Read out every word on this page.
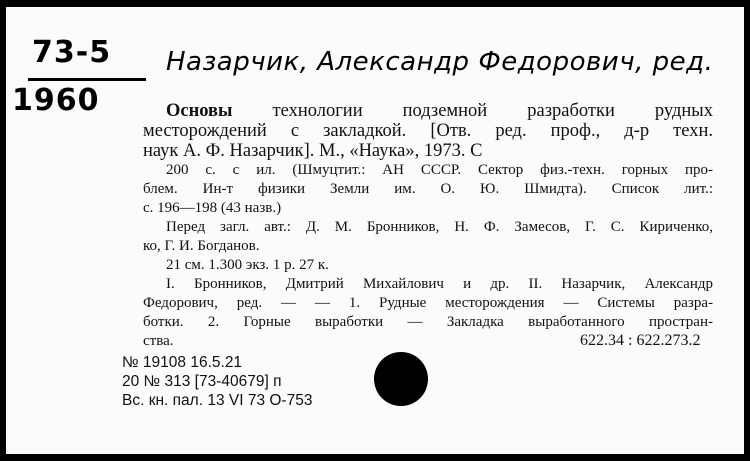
73-5
1960
Назарчик, Александр Федорович, ред.
Основы технологии подземной разработки рудных
месторождений с закладкой. [Отв. ред. проф., д-р техн.
наук А. Ф. Назарчик]. М., «Наука», 1973. С
200 с. с ил. (Шмуцтит.: АН СССР. Сектор физ.-техн. горных про-
блем. Ин-т физики Земли им. О. Ю. Шмидта). Список лит.:
с. 196—198 (43 назв.)
Перед загл. авт.: Д. М. Бронников, Н. Ф. Замесов, Г. С. Кириченко,
ко, Г. И. Богданов.
21 см. 1.300 экз. 1 р. 27 к.
I. Бронников, Дмитрий Михайлович и др. II. Назарчик, Александр
Федорович, ред. — — 1. Рудные месторождения — Системы разра-
ботки. 2. Горные выработки — Закладка выработанного простран-
ства.	622.34 : 622.273.2
№ 19108 16.5.21
20 № 313 [73-40679] п
Вс. кн. пал. 13 VI 73 О-753
